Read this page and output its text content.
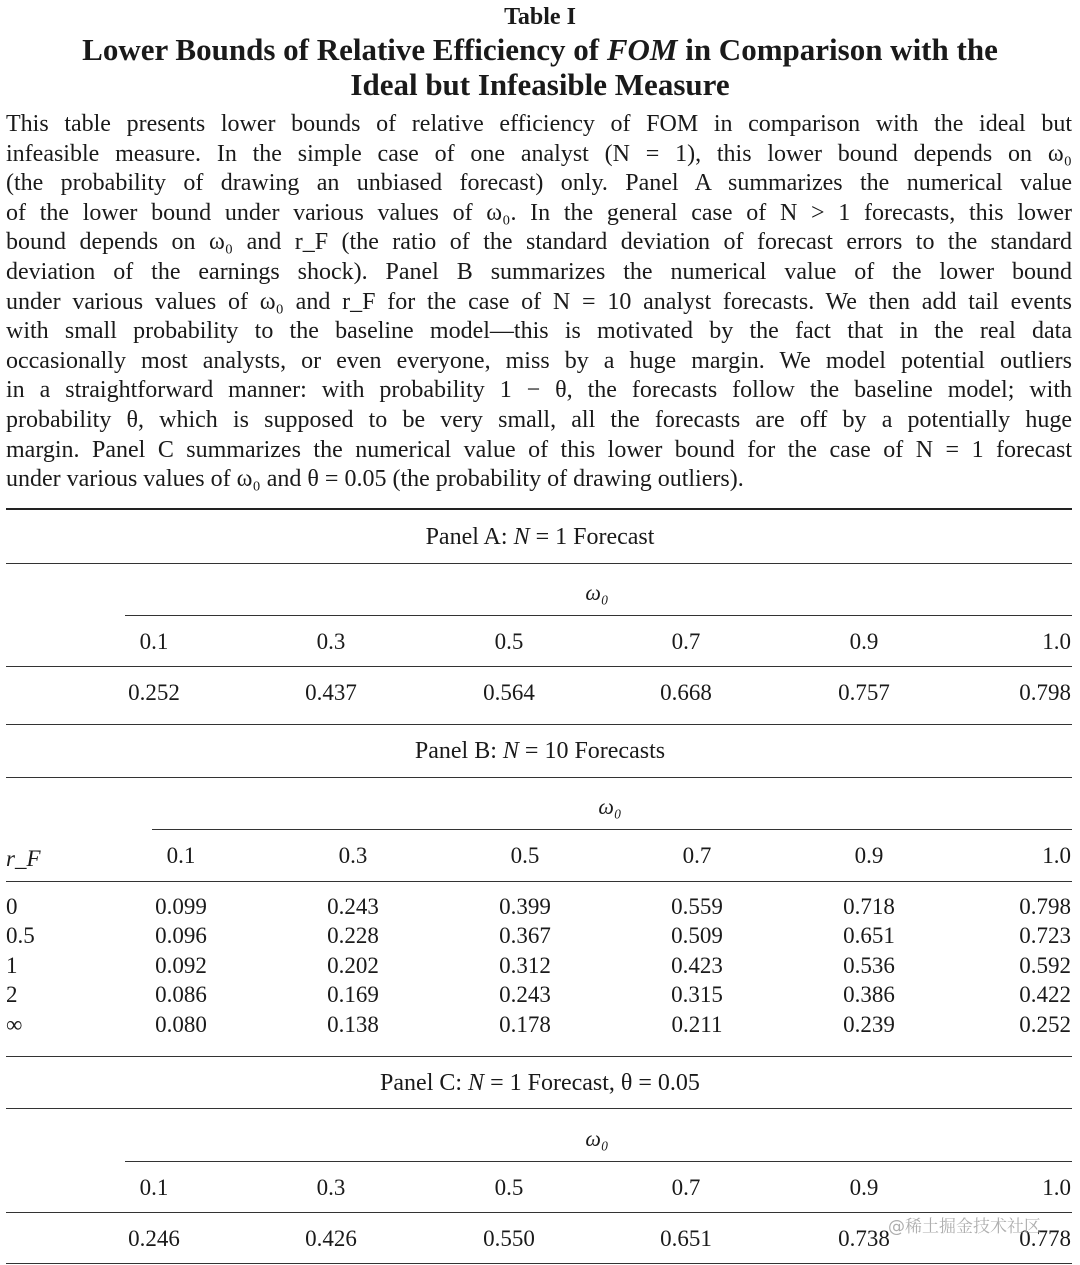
Table I
Lower Bounds of Relative Efficiency of FOM in Comparison with the
Ideal but Infeasible Measure
This table presents lower bounds of relative efficiency of FOM in comparison with the ideal but
infeasible measure. In the simple case of one analyst (N = 1), this lower bound depends on ω₀
(the probability of drawing an unbiased forecast) only. Panel A summarizes the numerical value
of the lower bound under various values of ω₀. In the general case of N > 1 forecasts, this lower
bound depends on ω₀ and r_F (the ratio of the standard deviation of forecast errors to the standard
deviation of the earnings shock). Panel B summarizes the numerical value of the lower bound
under various values of ω₀ and r_F for the case of N = 10 analyst forecasts. We then add tail events
with small probability to the baseline model—this is motivated by the fact that in the real data
occasionally most analysts, or even everyone, miss by a huge margin. We model potential outliers
in a straightforward manner: with probability 1 − θ, the forecasts follow the baseline model; with
probability θ, which is supposed to be very small, all the forecasts are off by a potentially huge
margin. Panel C summarizes the numerical value of this lower bound for the case of N = 1 forecast
under various values of ω₀ and θ = 0.05 (the probability of drawing outliers).
Panel A: N = 1 Forecast
ω₀
0.1	0.3	0.5	0.7	0.9	1.0
0.252	0.437	0.564	0.668	0.757	0.798
Panel B: N = 10 Forecasts
ω₀
r_F	0.1	0.3	0.5	0.7	0.9	1.0
0	0.099	0.243	0.399	0.559	0.718	0.798
0.5	0.096	0.228	0.367	0.509	0.651	0.723
1	0.092	0.202	0.312	0.423	0.536	0.592
2	0.086	0.169	0.243	0.315	0.386	0.422
∞	0.080	0.138	0.178	0.211	0.239	0.252
Panel C: N = 1 Forecast, θ = 0.05
ω₀
0.1	0.3	0.5	0.7	0.9	1.0
0.246	0.426	0.550	0.651	0.738	0.778
@稀土掘金技术社区
